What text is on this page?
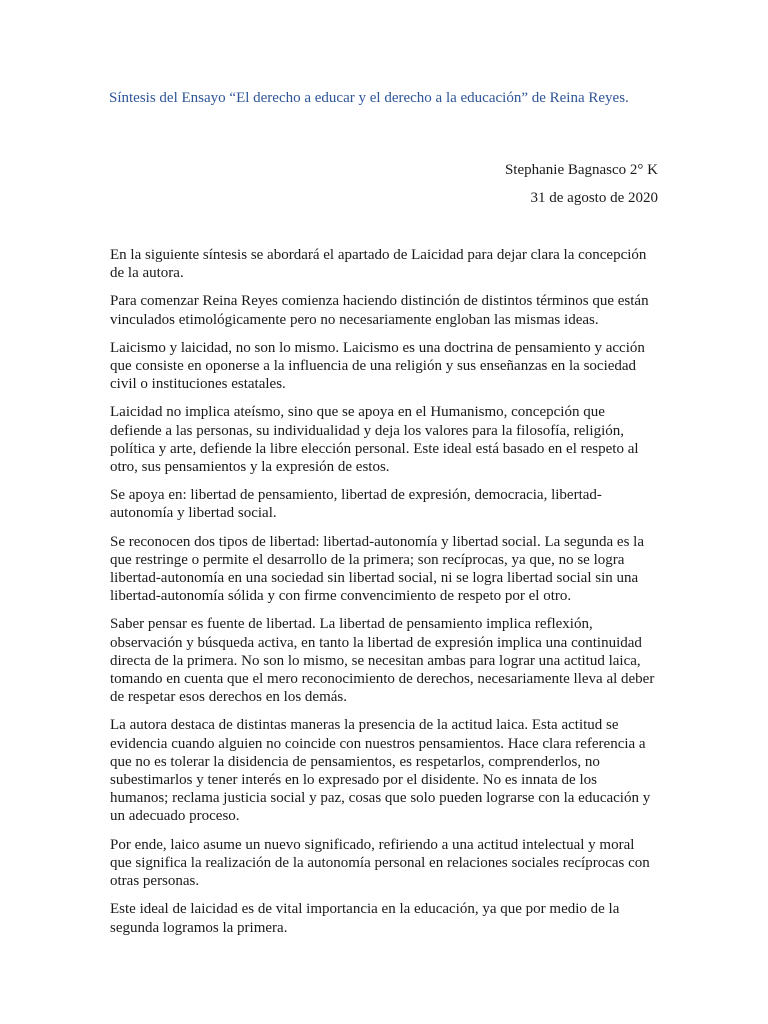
Síntesis del Ensayo “El derecho a educar y el derecho a la educación” de Reina Reyes.
Stephanie Bagnasco 2° K
31 de agosto de 2020

En la siguiente síntesis se abordará el apartado de Laicidad para dejar clara la concepción de la autora.

Para comenzar Reina Reyes comienza haciendo distinción de distintos términos que están vinculados etimológicamente pero no necesariamente engloban las mismas ideas.

Laicismo y laicidad, no son lo mismo. Laicismo es una doctrina de pensamiento y acción que consiste en oponerse a la influencia de una religión y sus enseñanzas en la sociedad civil o instituciones estatales.

Laicidad no implica ateísmo, sino que se apoya en el Humanismo, concepción que defiende a las personas, su individualidad y deja los valores para la filosofía, religión, política y arte, defiende la libre elección personal. Este ideal está basado en el respeto al otro, sus pensamientos y la expresión de estos.

Se apoya en: libertad de pensamiento, libertad de expresión, democracia, libertad-autonomía y libertad social.

Se reconocen dos tipos de libertad: libertad-autonomía y libertad social. La segunda es la que restringe o permite el desarrollo de la primera; son recíprocas, ya que, no se logra libertad-autonomía en una sociedad sin libertad social, ni se logra libertad social sin una libertad-autonomía sólida y con firme convencimiento de respeto por el otro.

Saber pensar es fuente de libertad. La libertad de pensamiento implica reflexión, observación y búsqueda activa, en tanto la libertad de expresión implica una continuidad directa de la primera. No son lo mismo, se necesitan ambas para lograr una actitud laica, tomando en cuenta que el mero reconocimiento de derechos, necesariamente lleva al deber de respetar esos derechos en los demás.

La autora destaca de distintas maneras la presencia de la actitud laica. Esta actitud se evidencia cuando alguien no coincide con nuestros pensamientos. Hace clara referencia a que no es tolerar la disidencia de pensamientos, es respetarlos, comprenderlos, no subestimarlos y tener interés en lo expresado por el disidente. No es innata de los humanos; reclama justicia social y paz, cosas que solo pueden lograrse con la educación y un adecuado proceso.

Por ende, laico asume un nuevo significado, refiriendo a una actitud intelectual y moral que significa la realización de la autonomía personal en relaciones sociales recíprocas con otras personas.

Este ideal de laicidad es de vital importancia en la educación, ya que por medio de la segunda logramos la primera.
